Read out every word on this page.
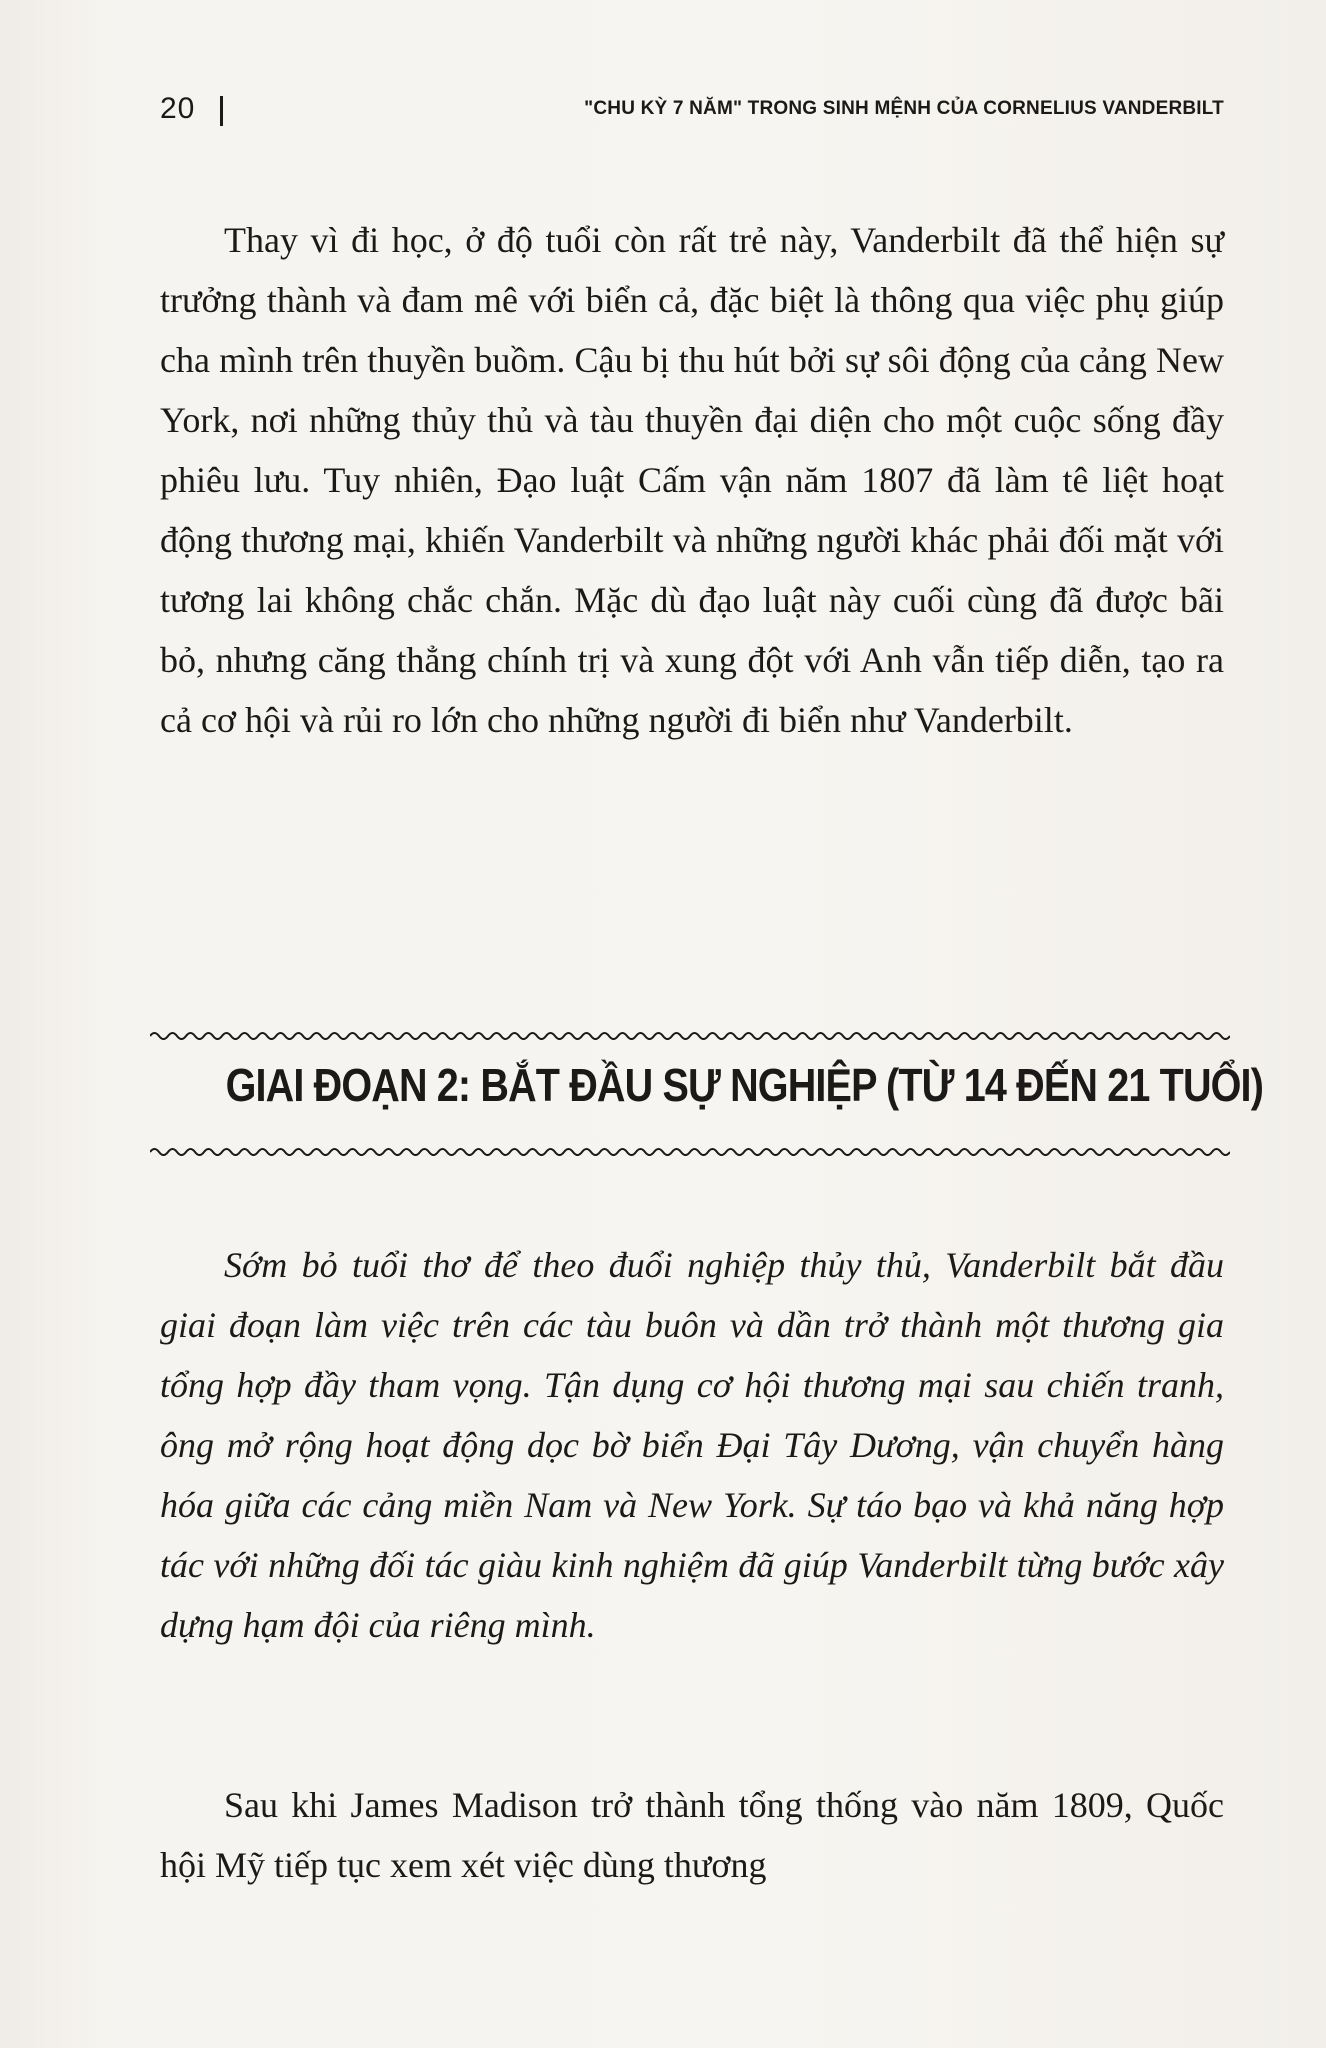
20	"CHU KỲ 7 NĂM" TRONG SINH MỆNH CỦA CORNELIUS VANDERBILT

Thay vì đi học, ở độ tuổi còn rất trẻ này, Vanderbilt đã thể hiện sự trưởng thành và đam mê với biển cả, đặc biệt là thông qua việc phụ giúp cha mình trên thuyền buồm. Cậu bị thu hút bởi sự sôi động của cảng New York, nơi những thủy thủ và tàu thuyền đại diện cho một cuộc sống đầy phiêu lưu. Tuy nhiên, Đạo luật Cấm vận năm 1807 đã làm tê liệt hoạt động thương mại, khiến Vanderbilt và những người khác phải đối mặt với tương lai không chắc chắn. Mặc dù đạo luật này cuối cùng đã được bãi bỏ, nhưng căng thẳng chính trị và xung đột với Anh vẫn tiếp diễn, tạo ra cả cơ hội và rủi ro lớn cho những người đi biển như Vanderbilt.

GIAI ĐOẠN 2: BẮT ĐẦU SỰ NGHIỆP (TỪ 14 ĐẾN 21 TUỔI)

Sớm bỏ tuổi thơ để theo đuổi nghiệp thủy thủ, Vanderbilt bắt đầu giai đoạn làm việc trên các tàu buôn và dần trở thành một thương gia tổng hợp đầy tham vọng. Tận dụng cơ hội thương mại sau chiến tranh, ông mở rộng hoạt động dọc bờ biển Đại Tây Dương, vận chuyển hàng hóa giữa các cảng miền Nam và New York. Sự táo bạo và khả năng hợp tác với những đối tác giàu kinh nghiệm đã giúp Vanderbilt từng bước xây dựng hạm đội của riêng mình.

Sau khi James Madison trở thành tổng thống vào năm 1809, Quốc hội Mỹ tiếp tục xem xét việc dùng thương
